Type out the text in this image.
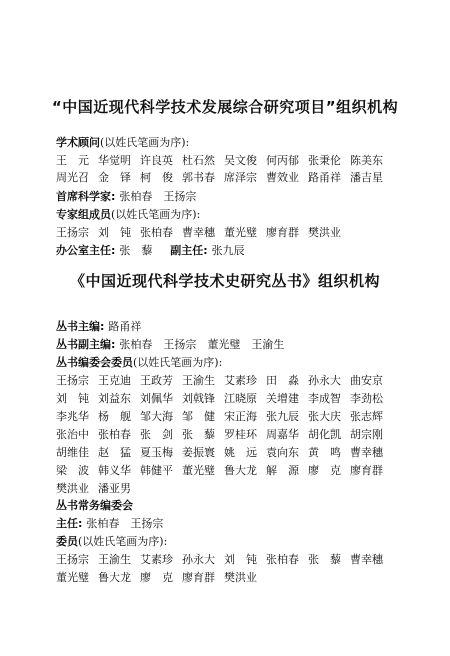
“中国近现代科学技术发展综合研究项目”组织机构
学术顾问(以姓氏笔画为序):
王　元 华觉明 许良英 杜石然 吴文俊 何丙郁 张秉伦 陈美东
周光召 金　铎 柯　俊 郭书春 席泽宗 曹效业 路甬祥 潘吉星
首席科学家: 张柏春　王扬宗
专家组成员(以姓氏笔画为序):
王扬宗 刘　钝 张柏春 曹幸穗 董光璧 廖育群 樊洪业
办公室主任: 张　藜 副主任: 张九辰
《中国近现代科学技术史研究丛书》组织机构
丛书主编: 路甬祥
丛书副主编: 张柏春　王扬宗　董光璧　王渝生
丛书编委会委员(以姓氏笔画为序):
王扬宗 王克迪 王政芳 王渝生 艾素珍 田　淼 孙永大 曲安京
刘　钝 刘益东 刘佩华 刘戟锋 江晓原 关增建 李成智 李劲松
李兆华 杨　舰 邹大海 邹　健 宋正海 张九辰 张大庆 张志辉
张治中 张柏春 张　剑 张　藜 罗桂环 周嘉华 胡化凯 胡宗刚
胡维佳 赵　猛 夏玉梅 姜振寰 姚　远 袁向东 黄　鸣 曹幸穗
梁　波 韩义华 韩健平 董光璧 鲁大龙 解　源 廖　克 廖育群
樊洪业 潘亚男
丛书常务编委会
主任: 张柏春　王扬宗
委员(以姓氏笔画为序):
王扬宗 王渝生 艾素珍 孙永大 刘　钝 张柏春 张　藜 曹幸穗
董光璧 鲁大龙 廖　克 廖育群 樊洪业
